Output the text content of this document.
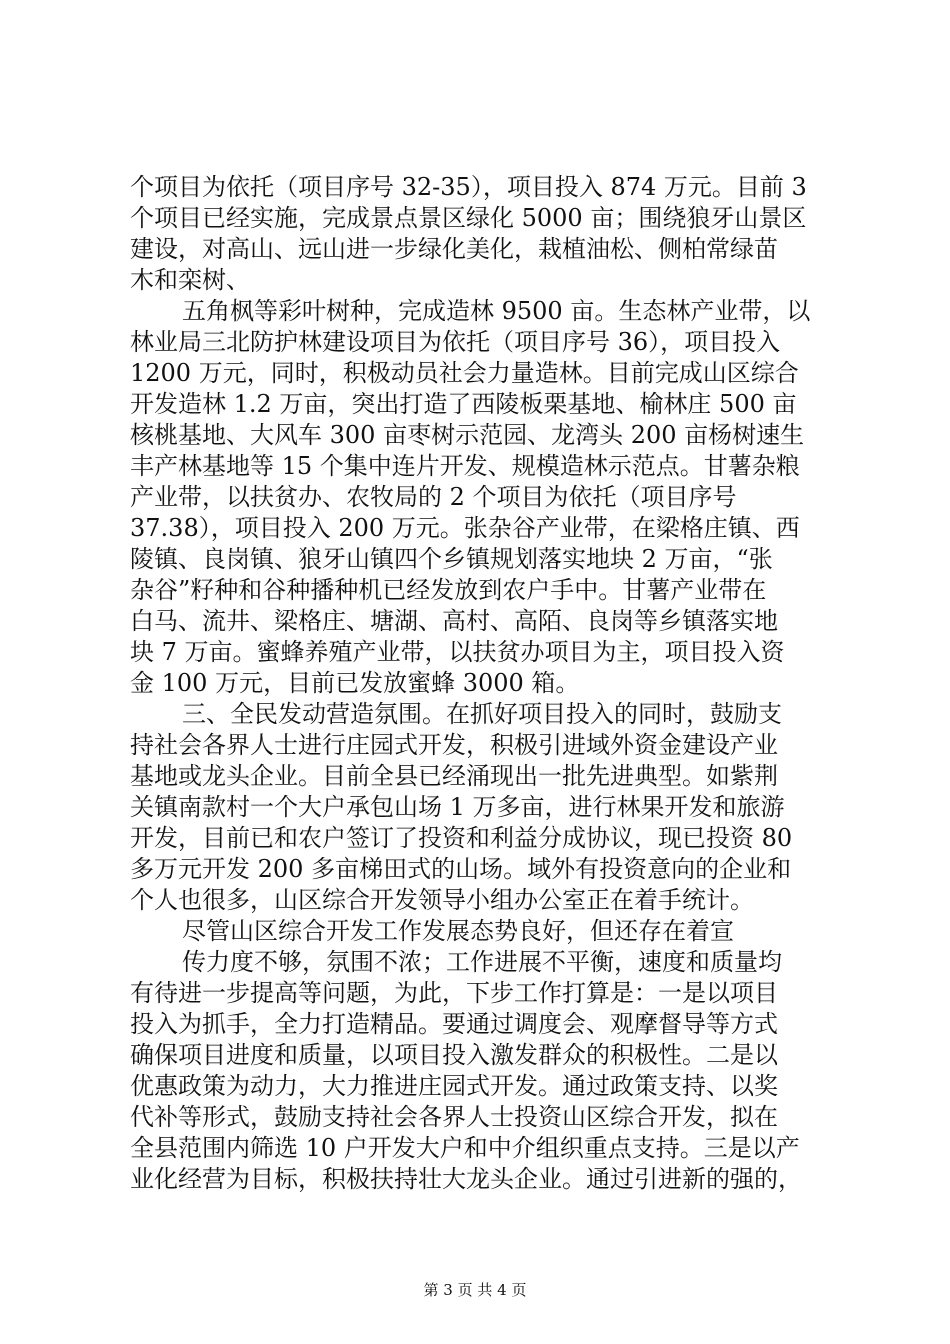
个项目为依托（项目序号 32-35），项目投入 874 万元。目前 3
个项目已经实施，完成景点景区绿化 5000 亩；围绕狼牙山景区
建设，对高山、远山进一步绿化美化，栽植油松、侧柏常绿苗
木和栾树、
五角枫等彩叶树种，完成造林 9500 亩。生态林产业带，以
林业局三北防护林建设项目为依托（项目序号 36），项目投入
1200 万元，同时，积极动员社会力量造林。目前完成山区综合
开发造林 1.2 万亩，突出打造了西陵板栗基地、榆林庄 500 亩
核桃基地、大风车 300 亩枣树示范园、龙湾头 200 亩杨树速生
丰产林基地等 15 个集中连片开发、规模造林示范点。甘薯杂粮
产业带，以扶贫办、农牧局的 2 个项目为依托（项目序号
37.38），项目投入 200 万元。张杂谷产业带，在梁格庄镇、西
陵镇、良岗镇、狼牙山镇四个乡镇规划落实地块 2 万亩，“张
杂谷”籽种和谷种播种机已经发放到农户手中。甘薯产业带在
白马、流井、梁格庄、塘湖、高村、高陌、良岗等乡镇落实地
块 7 万亩。蜜蜂养殖产业带，以扶贫办项目为主，项目投入资
金 100 万元，目前已发放蜜蜂 3000 箱。
三、全民发动营造氛围。在抓好项目投入的同时，鼓励支
持社会各界人士进行庄园式开发，积极引进域外资金建设产业
基地或龙头企业。目前全县已经涌现出一批先进典型。如紫荆
关镇南款村一个大户承包山场 1 万多亩，进行林果开发和旅游
开发，目前已和农户签订了投资和利益分成协议，现已投资 80
多万元开发 200 多亩梯田式的山场。域外有投资意向的企业和
个人也很多，山区综合开发领导小组办公室正在着手统计。
尽管山区综合开发工作发展态势良好，但还存在着宣
传力度不够，氛围不浓；工作进展不平衡，速度和质量均
有待进一步提高等问题，为此，下步工作打算是：一是以项目
投入为抓手，全力打造精品。要通过调度会、观摩督导等方式
确保项目进度和质量，以项目投入激发群众的积极性。二是以
优惠政策为动力，大力推进庄园式开发。通过政策支持、以奖
代补等形式，鼓励支持社会各界人士投资山区综合开发，拟在
全县范围内筛选 10 户开发大户和中介组织重点支持。三是以产
业化经营为目标，积极扶持壮大龙头企业。通过引进新的强的，
第 3 页 共 4 页
